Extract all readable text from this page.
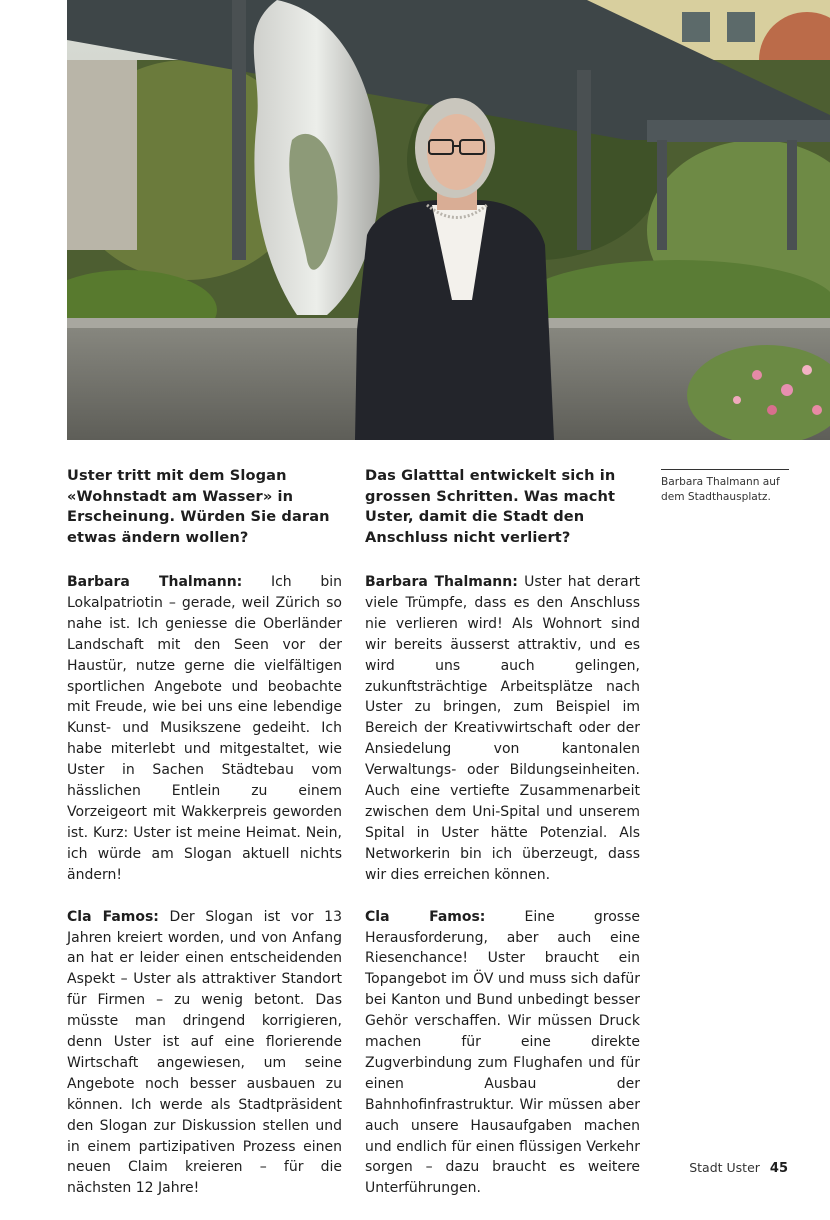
Uster tritt mit dem Slogan «Wohnstadt am Wasser» in Erscheinung. Würden Sie daran etwas ändern wollen?

Barbara Thalmann: Ich bin Lokalpatriotin – gerade, weil Zürich so nahe ist. Ich geniesse die Oberländer Landschaft mit den Seen vor der Haustür, nutze gerne die vielfältigen sportlichen Angebote und beobachte mit Freude, wie bei uns eine lebendige Kunst- und Musikszene gedeiht. Ich habe miterlebt und mitgestaltet, wie Uster in Sachen Städtebau vom hässlichen Entlein zu einem Vorzeigeort mit Wakkerpreis geworden ist. Kurz: Uster ist meine Heimat. Nein, ich würde am Slogan aktuell nichts ändern!

Cla Famos: Der Slogan ist vor 13 Jahren kreiert worden, und von Anfang an hat er leider einen entscheidenden Aspekt – Uster als attraktiver Standort für Firmen – zu wenig betont. Das müsste man dringend korrigieren, denn Uster ist auf eine florierende Wirtschaft angewiesen, um seine Angebote noch besser ausbauen zu können. Ich werde als Stadtpräsident den Slogan zur Diskussion stellen und in einem partizipativen Prozess einen neuen Claim kreieren – für die nächsten 12 Jahre!

Das Glatttal entwickelt sich in grossen Schritten. Was macht Uster, damit die Stadt den Anschluss nicht verliert?

Barbara Thalmann: Uster hat derart viele Trümpfe, dass es den Anschluss nie verlieren wird! Als Wohnort sind wir bereits äusserst attraktiv, und es wird uns auch gelingen, zukunftsträchtige Arbeitsplätze nach Uster zu bringen, zum Beispiel im Bereich der Kreativwirtschaft oder der Ansiedelung von kantonalen Verwaltungs- oder Bildungseinheiten. Auch eine vertiefte Zusammenarbeit zwischen dem Uni-Spital und unserem Spital in Uster hätte Potenzial. Als Networkerin bin ich überzeugt, dass wir dies erreichen können.

Cla Famos: Eine grosse Herausforderung, aber auch eine Riesenchance! Uster braucht ein Topangebot im ÖV und muss sich dafür bei Kanton und Bund unbedingt besser Gehör verschaffen. Wir müssen Druck machen für eine direkte Zugverbindung zum Flughafen und für einen Ausbau der Bahnhofinfrastruktur. Wir müssen aber auch unsere Hausaufgaben machen und endlich für einen flüssigen Verkehr sorgen – dazu braucht es weitere Unterführungen.

Barbara Thalmann auf dem Stadthausplatz.
Stadt Uster 45
